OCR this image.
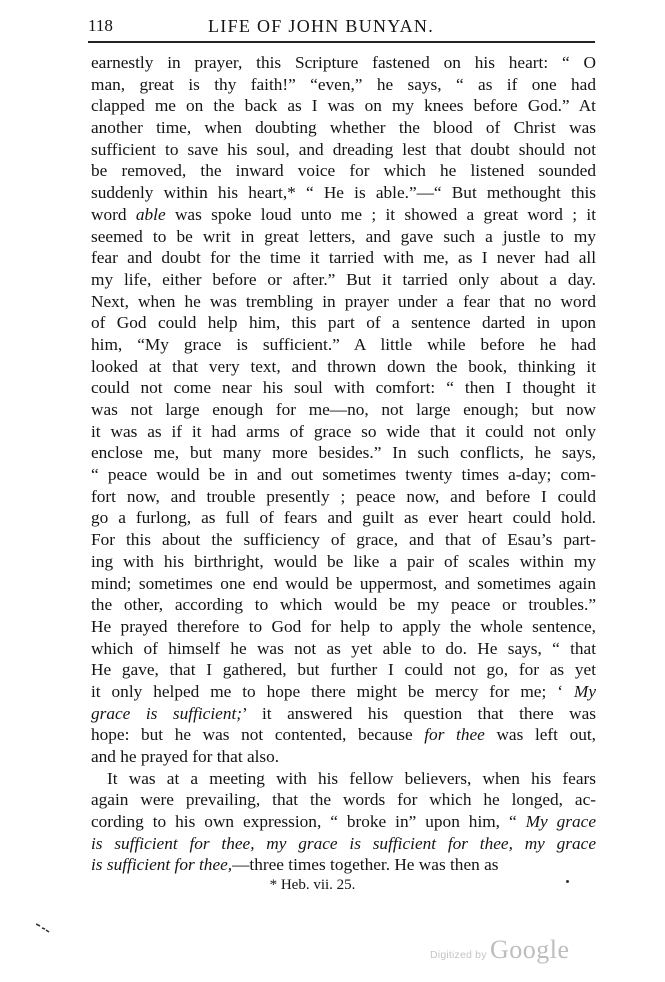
118	LIFE OF JOHN BUNYAN.
earnestly in prayer, this Scripture fastened on his heart: “ O
man, great is thy faith!” “even,” he says, “ as if one had
clapped me on the back as I was on my knees before God.” At
another time, when doubting whether the blood of Christ was
sufficient to save his soul, and dreading lest that doubt should not
be removed, the inward voice for which he listened sounded
suddenly within his heart,* “ He is able.”—“ But methought this
word able was spoke loud unto me ; it showed a great word ; it
seemed to be writ in great letters, and gave such a justle to my
fear and doubt for the time it tarried with me, as I never had all
my life, either before or after.” But it tarried only about a day.
Next, when he was trembling in prayer under a fear that no word
of God could help him, this part of a sentence darted in upon
him, “My grace is sufficient.” A little while before he had
looked at that very text, and thrown down the book, thinking it
could not come near his soul with comfort: “ then I thought it
was not large enough for me—no, not large enough; but now
it was as if it had arms of grace so wide that it could not only
enclose me, but many more besides.” In such conflicts, he says,
“ peace would be in and out sometimes twenty times a-day; com-
fort now, and trouble presently ; peace now, and before I could
go a furlong, as full of fears and guilt as ever heart could hold.
For this about the sufficiency of grace, and that of Esau’s part-
ing with his birthright, would be like a pair of scales within my
mind; sometimes one end would be uppermost, and sometimes again
the other, according to which would be my peace or troubles.”
He prayed therefore to God for help to apply the whole sentence,
which of himself he was not as yet able to do. He says, “ that
He gave, that I gathered, but further I could not go, for as yet
it only helped me to hope there might be mercy for me; ‘ My
grace is sufficient;’ it answered his question that there was
hope: but he was not contented, because for thee was left out,
and he prayed for that also.
It was at a meeting with his fellow believers, when his fears
again were prevailing, that the words for which he longed, ac-
cording to his own expression, “ broke in” upon him, “ My grace
is sufficient for thee, my grace is sufficient for thee, my grace
is sufficient for thee,—three times together. He was then as
* Heb. vii. 25.
Digitized by Google
